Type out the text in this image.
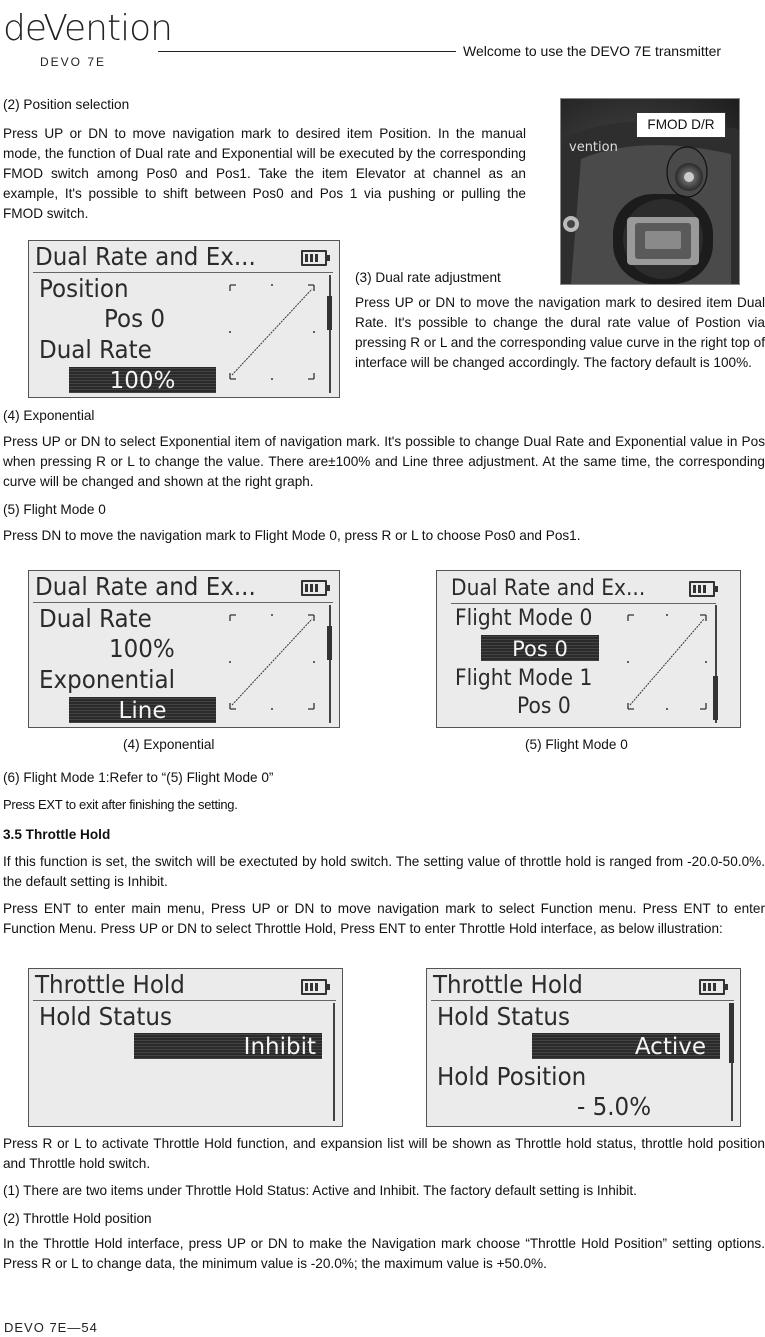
deVention
DEVO 7E
Welcome to use the DEVO 7E transmitter
(2) Position selection

Press UP or DN to move navigation mark to desired item Position. In the manual mode, the function of Dual rate and Exponential will be executed by the corresponding FMOD switch among Pos0 and Pos1. Take the item Elevator at channel as an example, It's possible to shift between Pos0 and Pos 1 via pushing or pulling the FMOD switch.

vention
FMOD D/R
Dual Rate and Ex...
Position
Pos 0
Dual Rate
100%
(3) Dual rate adjustment

Press UP or DN to move the navigation mark to desired item Dual Rate. It's possible to change the dural rate value of Postion via pressing R or L and the corresponding value curve in the right top of interface will be changed accordingly. The factory default is 100%.

(4) Exponential

Press UP or DN to select Exponential item of navigation mark. It's possible to change Dual Rate and Exponential value in Pos when pressing R or L to change the value. There are±100% and Line three adjustment. At the same time, the corresponding curve will be changed and shown at the right graph.

(5) Flight Mode 0

Press DN to move the navigation mark to Flight Mode 0, press R or L to choose Pos0 and Pos1.

Dual Rate and Ex...
Dual Rate
100%
Exponential
Line
Dual Rate and Ex...
Flight Mode 0
Pos 0
Flight Mode 1
Pos 0
(4) Exponential	(5) Flight Mode 0

(6) Flight Mode 1:Refer to “(5) Flight Mode 0”

Press EXT to exit after finishing the setting.

3.5 Throttle Hold

If this function is set, the switch will be exectuted by hold switch. The setting value of throttle hold is ranged from -20.0-50.0%. the default setting is Inhibit.

Press ENT to enter main menu, Press UP or DN to move navigation mark to select Function menu. Press ENT to enter Function Menu. Press UP or DN to select Throttle Hold, Press ENT to enter Throttle Hold interface, as below illustration:

Throttle Hold
Hold Status
Inhibit
Throttle Hold
Hold Status
Active
Hold Position
- 5.0%

Press R or L to activate Throttle Hold function, and expansion list will be shown as Throttle hold status, throttle hold position and Throttle hold switch.

(1) There are two items under Throttle Hold Status: Active and Inhibit. The factory default setting is Inhibit.

(2) Throttle Hold position

In the Throttle Hold interface, press UP or DN to make the Navigation mark choose “Throttle Hold Position” setting options. Press R or L to change data, the minimum value is -20.0%; the maximum value is +50.0%.

DEVO 7E—54
